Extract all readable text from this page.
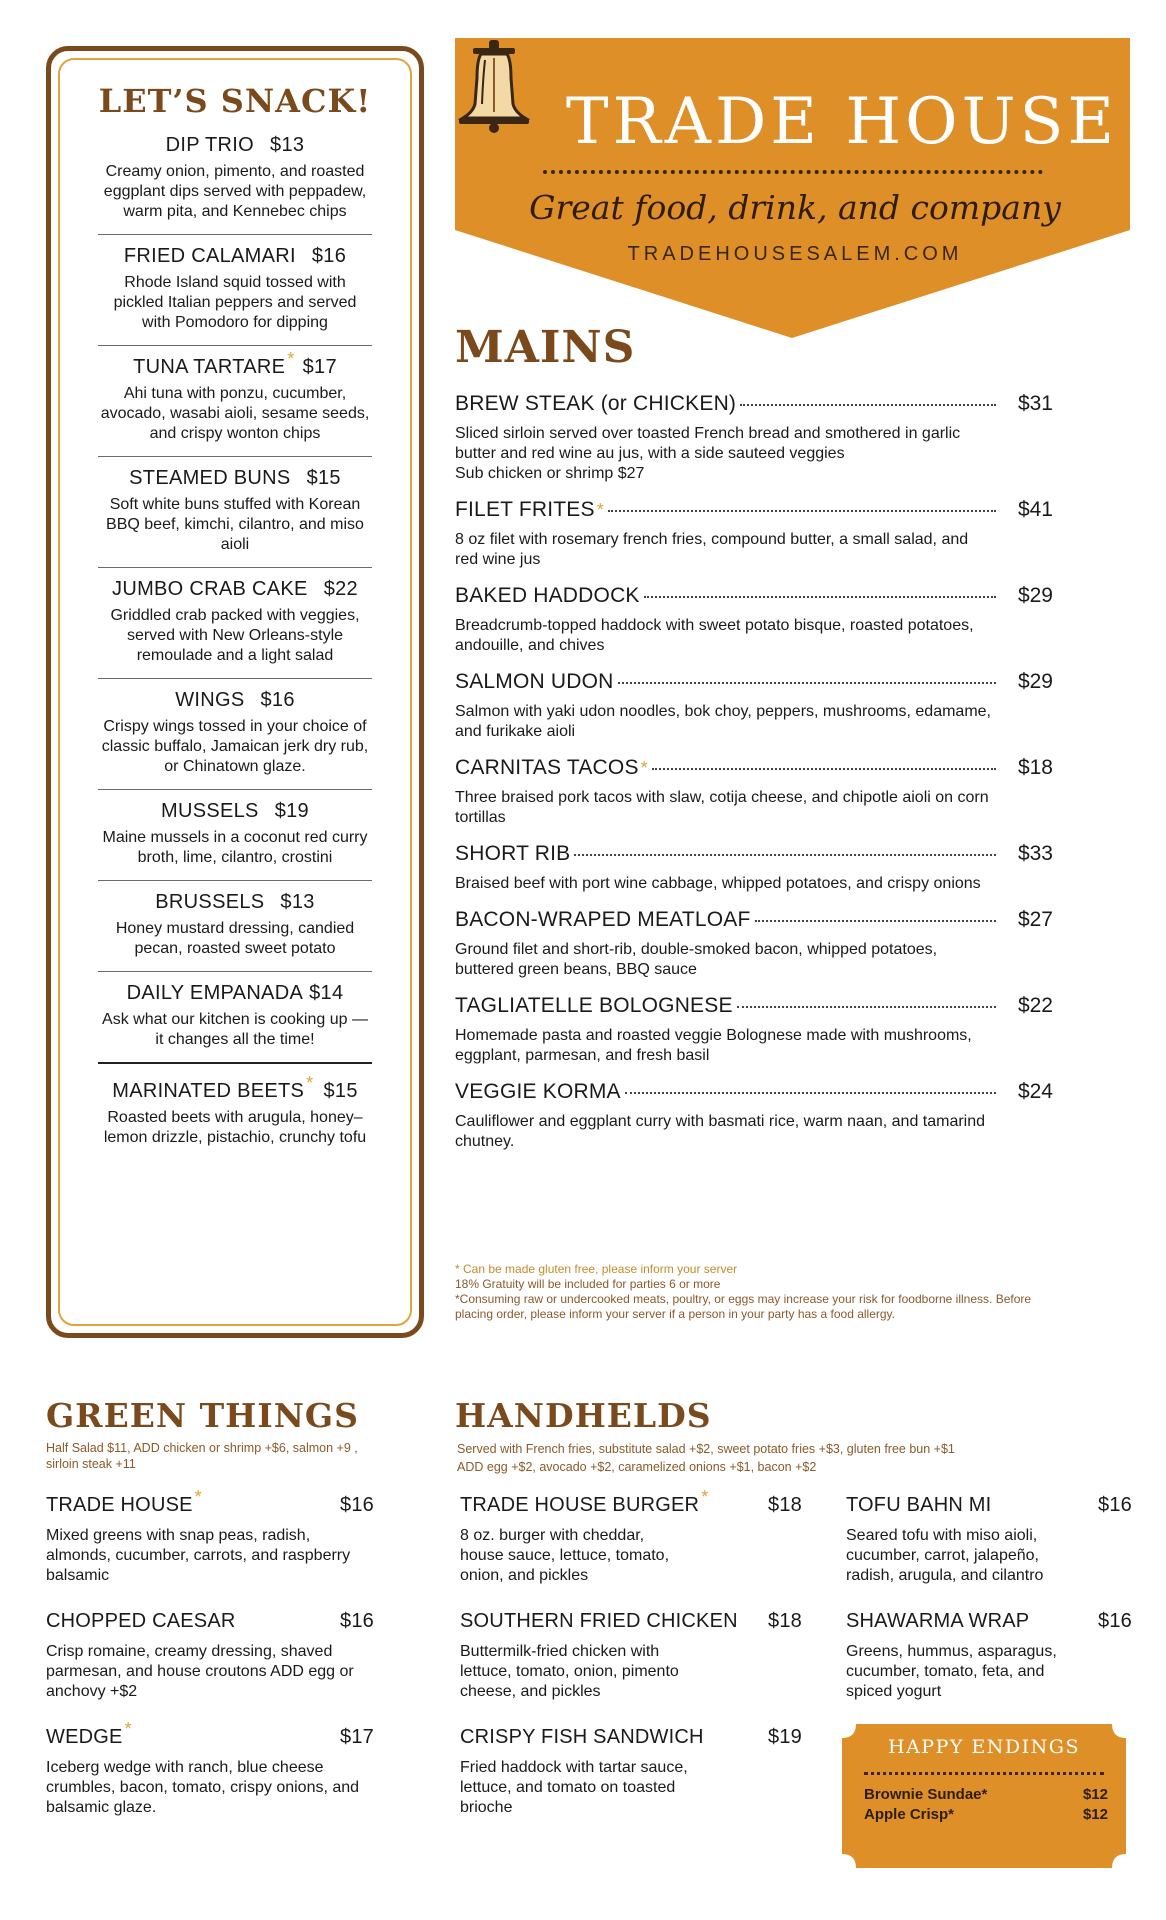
LET’S SNACK!
DIP TRIO $13
Creamy onion, pimento, and roasted eggplant dips served with peppadew, warm pita, and Kennebec chips
FRIED CALAMARI $16
Rhode Island squid tossed with pickled Italian peppers and served with Pomodoro for dipping
TUNA TARTARE * $17
Ahi tuna with ponzu, cucumber, avocado, wasabi aioli, sesame seeds, and crispy wonton chips
STEAMED BUNS $15
Soft white buns stuffed with Korean BBQ beef, kimchi, cilantro, and miso aioli
JUMBO CRAB CAKE $22
Griddled crab packed with veggies, served with New Orleans-style remoulade and a light salad
WINGS $16
Crispy wings tossed in your choice of classic buffalo, Jamaican jerk dry rub, or Chinatown glaze.
MUSSELS $19
Maine mussels in a coconut red curry broth, lime, cilantro, crostini
BRUSSELS $13
Honey mustard dressing, candied pecan, roasted sweet potato
DAILY EMPANADA $14
Ask what our kitchen is cooking up — it changes all the time!
MARINATED BEETS * $15
Roasted beets with arugula, honey–lemon drizzle, pistachio, crunchy tofu
TRADE HOUSE
Great food, drink, and company
TRADEHOUSESALEM.COM
MAINS
BREW STEAK (or CHICKEN)	$31
Sliced sirloin served over toasted French bread and smothered in garlic butter and red wine au jus, with a side sauteed veggies
Sub chicken or shrimp $27
FILET FRITES *	$41
8 oz filet with rosemary french fries, compound butter, a small salad, and red wine jus
BAKED HADDOCK	$29
Breadcrumb-topped haddock with sweet potato bisque, roasted potatoes, andouille, and chives
SALMON UDON	$29
Salmon with yaki udon noodles, bok choy, peppers, mushrooms, edamame, and furikake aioli
CARNITAS TACOS *	$18
Three braised pork tacos with slaw, cotija cheese, and chipotle aioli on corn tortillas
SHORT RIB	$33
Braised beef with port wine cabbage, whipped potatoes, and crispy onions
BACON-WRAPED MEATLOAF	$27
Ground filet and short-rib, double-smoked bacon, whipped potatoes, buttered green beans, BBQ sauce
TAGLIATELLE BOLOGNESE	$22
Homemade pasta and roasted veggie Bolognese made with mushrooms, eggplant, parmesan, and fresh basil
VEGGIE KORMA	$24
Cauliflower and eggplant curry with basmati rice, warm naan, and tamarind chutney.
* Can be made gluten free, please inform your server
18% Gratuity will be included for parties 6 or more
*Consuming raw or undercooked meats, poultry, or eggs may increase your risk for foodborne illness. Before placing order, please inform your server if a person in your party has a food allergy.
GREEN THINGS
Half Salad $11, ADD chicken or shrimp +$6, salmon +9 , sirloin steak +11
TRADE HOUSE *	$16
Mixed greens with snap peas, radish, almonds, cucumber, carrots, and raspberry balsamic
CHOPPED CAESAR	$16
Crisp romaine, creamy dressing, shaved parmesan, and house croutons ADD egg or anchovy +$2
WEDGE *	$17
Iceberg wedge with ranch, blue cheese crumbles, bacon, tomato, crispy onions, and balsamic glaze.
HANDHELDS
Served with French fries, substitute salad +$2, sweet potato fries +$3, gluten free bun +$1
ADD egg +$2, avocado +$2, caramelized onions +$1, bacon +$2
TRADE HOUSE BURGER *	$18
8 oz. burger with cheddar, house sauce, lettuce, tomato, onion, and pickles
SOUTHERN FRIED CHICKEN $18
Buttermilk-fried chicken with lettuce, tomato, onion, pimento cheese, and pickles
CRISPY FISH SANDWICH	$19
Fried haddock with tartar sauce, lettuce, and tomato on toasted brioche
TOFU BAHN MI	$16
Seared tofu with miso aioli, cucumber, carrot, jalapeño, radish, arugula, and cilantro
SHAWARMA WRAP	$16
Greens, hummus, asparagus, cucumber, tomato, feta, and spiced yogurt
HAPPY ENDINGS
Brownie Sundae*	$12
Apple Crisp*	$12
